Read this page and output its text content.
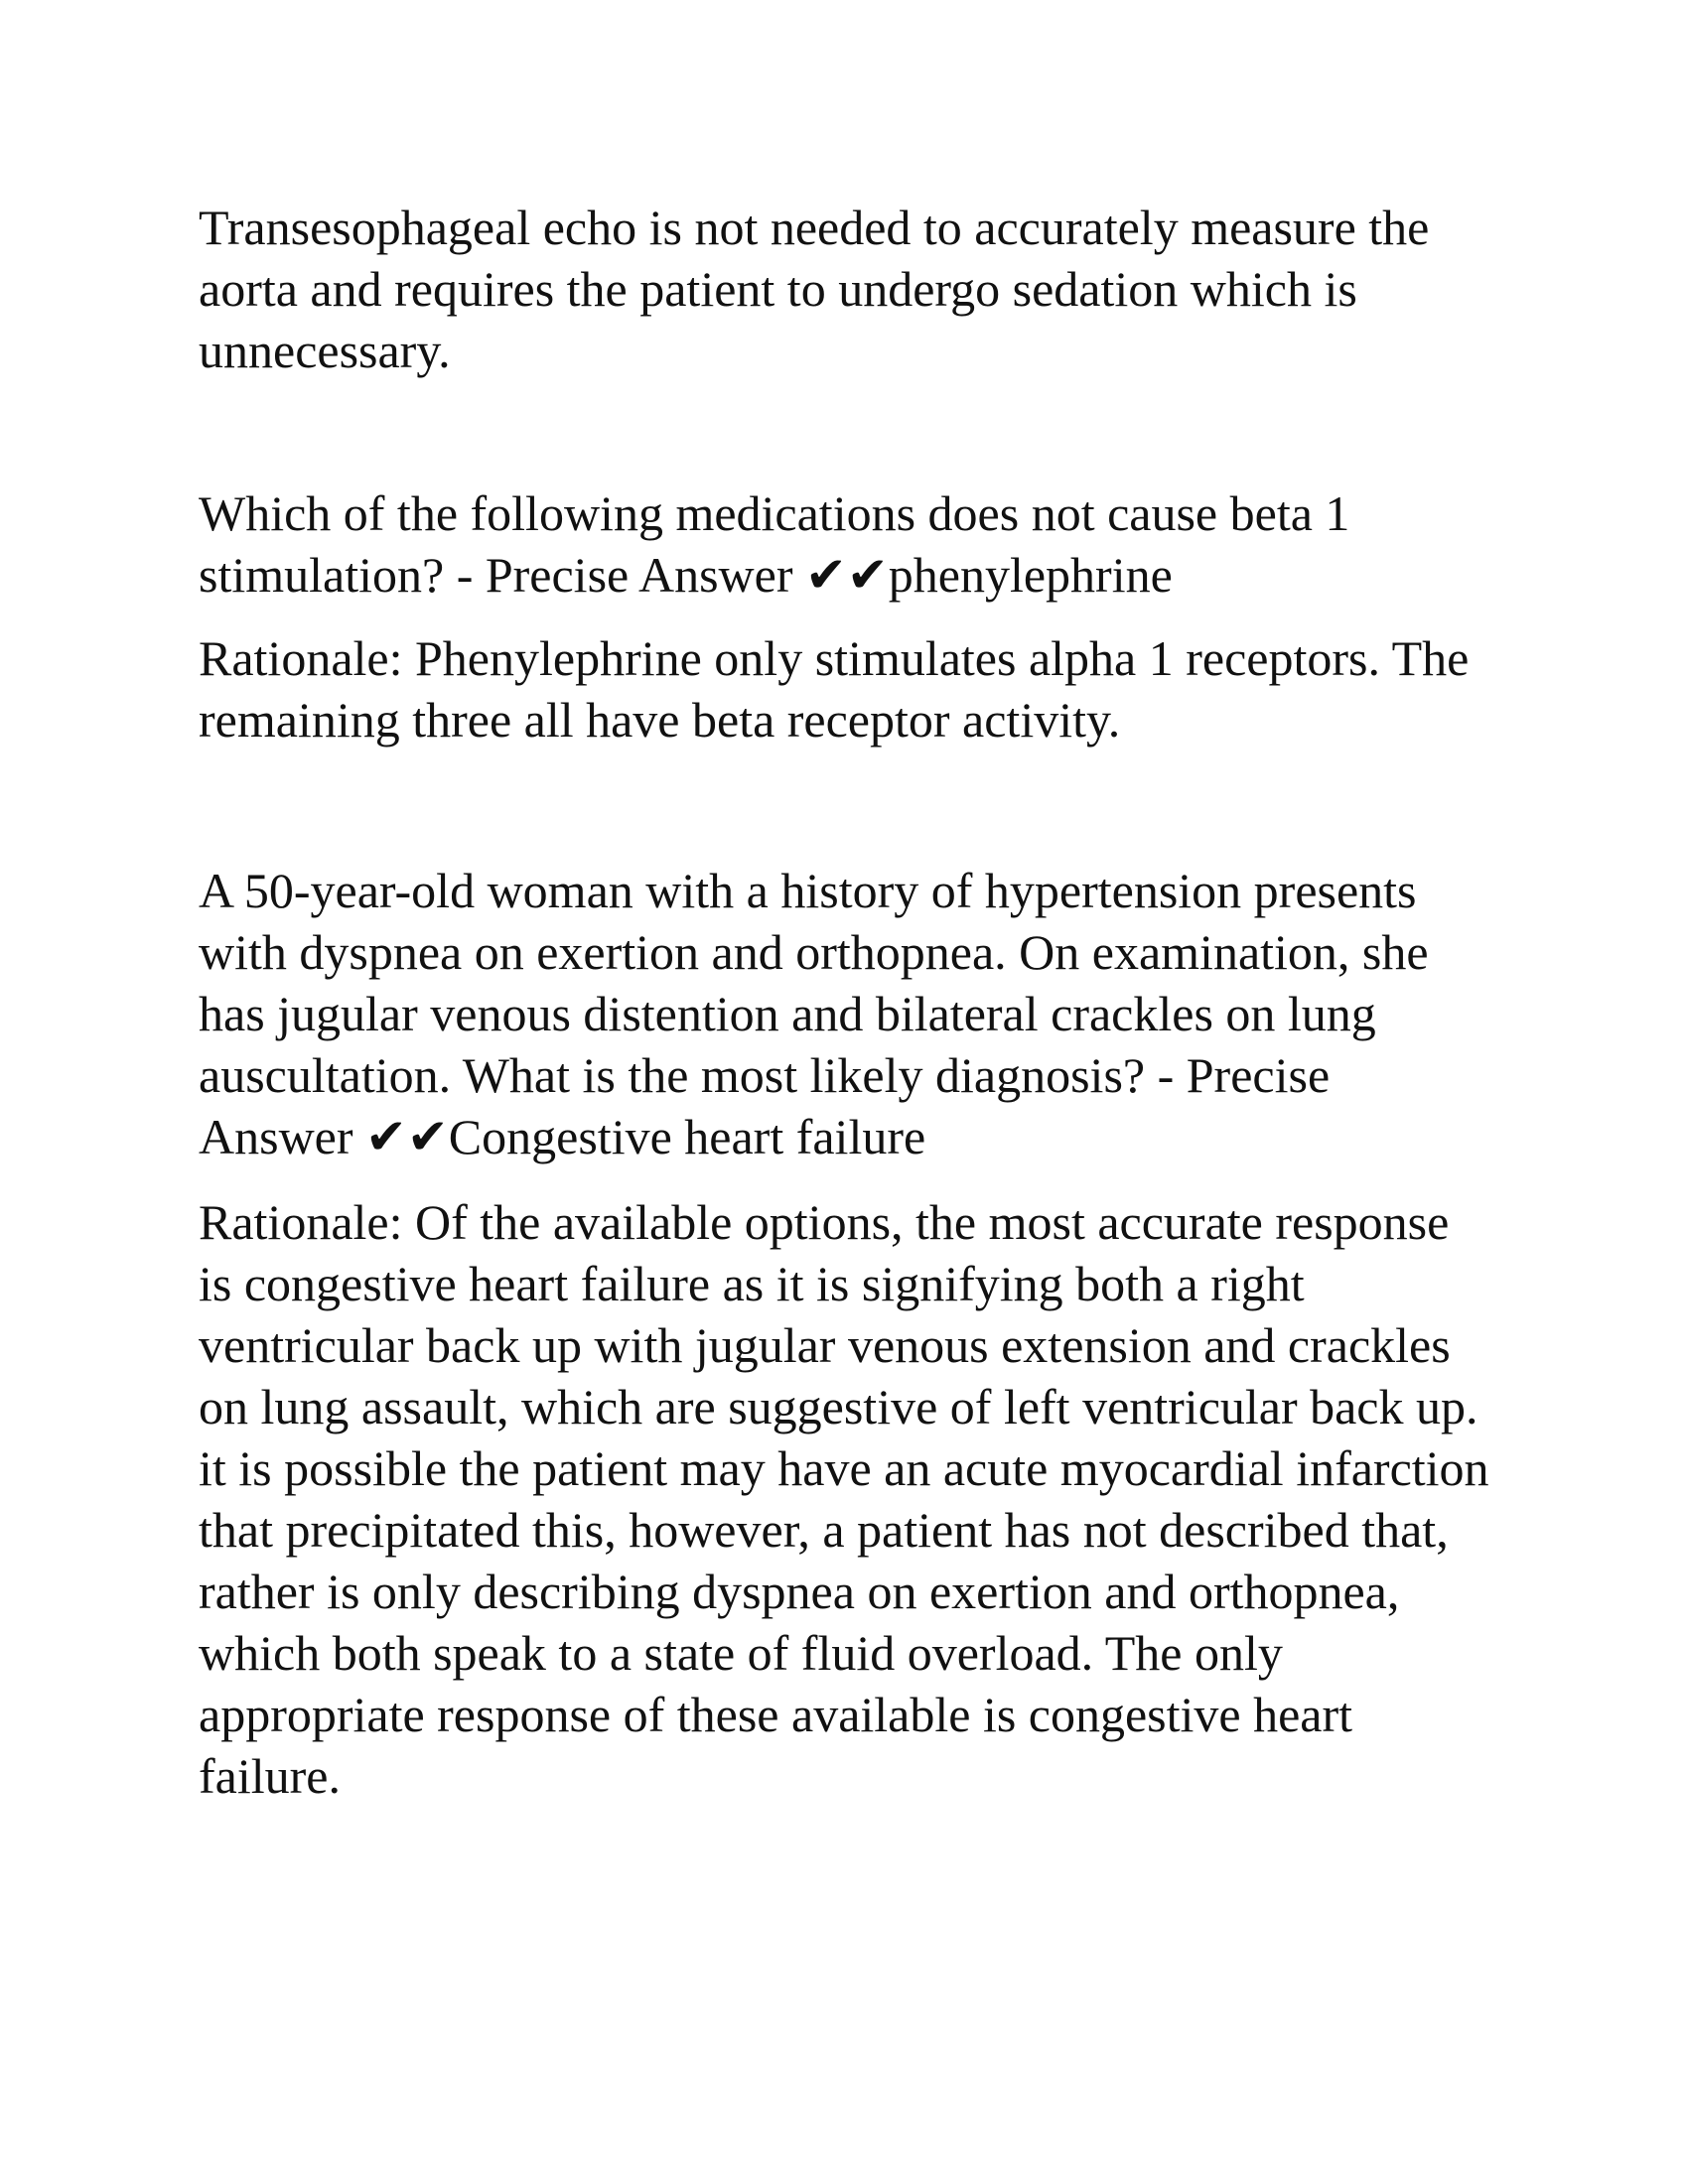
Transesophageal echo is not needed to accurately measure the
aorta and requires the patient to undergo sedation which is
unnecessary.

Which of the following medications does not cause beta 1
stimulation? - Precise Answer ✔✔phenylephrine

Rationale: Phenylephrine only stimulates alpha 1 receptors. The
remaining three all have beta receptor activity.

A 50-year-old woman with a history of hypertension presents
with dyspnea on exertion and orthopnea. On examination, she
has jugular venous distention and bilateral crackles on lung
auscultation. What is the most likely diagnosis? - Precise
Answer ✔✔Congestive heart failure

Rationale: Of the available options, the most accurate response
is congestive heart failure as it is signifying both a right
ventricular back up with jugular venous extension and crackles
on lung assault, which are suggestive of left ventricular back up.
it is possible the patient may have an acute myocardial infarction
that precipitated this, however, a patient has not described that,
rather is only describing dyspnea on exertion and orthopnea,
which both speak to a state of fluid overload. The only
appropriate response of these available is congestive heart
failure.
